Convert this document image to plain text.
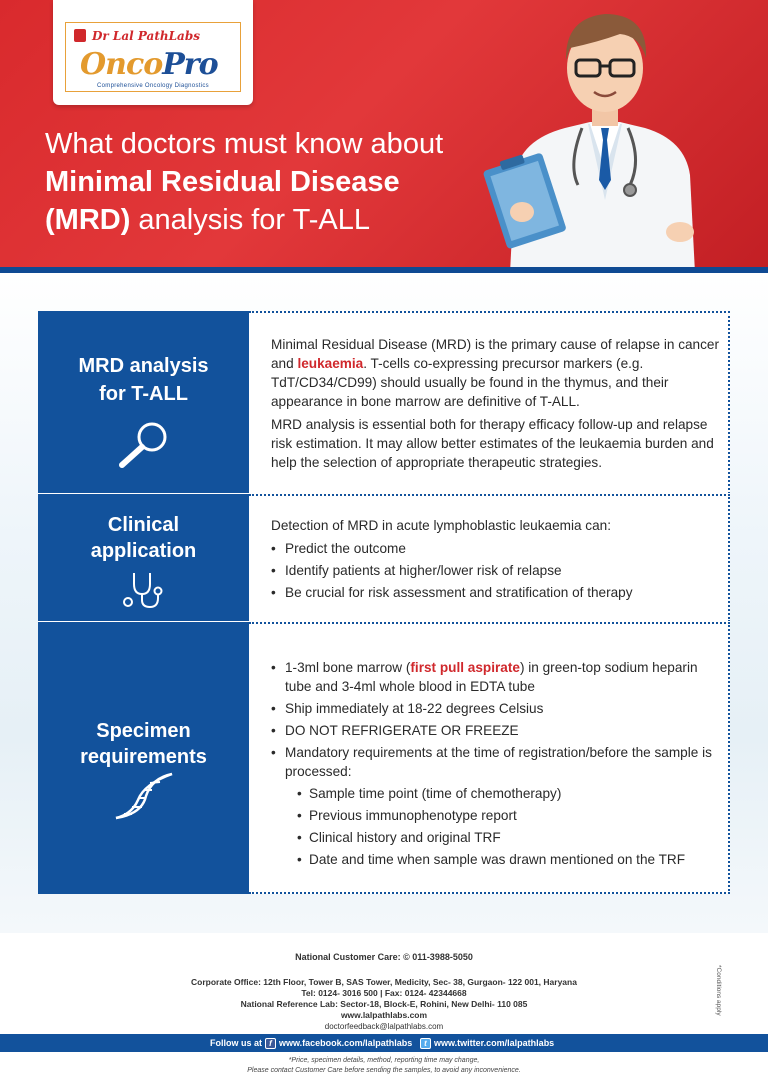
Dr Lal PathLabs
OncoPro
Comprehensive Oncology Diagnostics
What doctors must know about
Minimal Residual Disease
(MRD) analysis for T-ALL
MRD analysis
for T-ALL

Minimal Residual Disease (MRD) is the primary cause of relapse in cancer and leukaemia. T-cells co-expressing precursor markers (e.g. TdT/CD34/CD99) should usually be found in the thymus, and their appearance in bone marrow are definitive of T-ALL.

MRD analysis is essential both for therapy efficacy follow-up and relapse risk estimation. It may allow better estimates of the leukaemia burden and help the selection of appropriate therapeutic strategies.

Clinical
application

Detection of MRD in acute lymphoblastic leukaemia can:

• Predict the outcome
• Identify patients at higher/lower risk of relapse
• Be crucial for risk assessment and stratification of therapy
Specimen
requirements
• 1-3ml bone marrow (first pull aspirate) in green-top sodium heparin tube and 3-4ml whole blood in EDTA tube
• Ship immediately at 18-22 degrees Celsius
• DO NOT REFRIGERATE OR FREEZE
• Mandatory requirements at the time of registration/before the sample is processed:
• Sample time point (time of chemotherapy)
• Previous immunophenotype report
• Clinical history and original TRF
• Date and time when sample was drawn mentioned on the TRF
National Customer Care: © 011-3988-5050
Corporate Office: 12th Floor, Tower B, SAS Tower, Medicity, Sec- 38, Gurgaon- 122 001, Haryana
Tel: 0124- 3016 500 | Fax: 0124- 42344668
National Reference Lab: Sector-18, Block-E, Rohini, New Delhi- 110 085
www.lalpathlabs.com
doctorfeedback@lalpathlabs.com
*Conditions apply
Follow us at f www.facebook.com/lalpathlabs	t www.twitter.com/lalpathlabs
*Price, specimen details, method, reporting time may change,
Please contact Customer Care before sending the samples, to avoid any inconvenience.
